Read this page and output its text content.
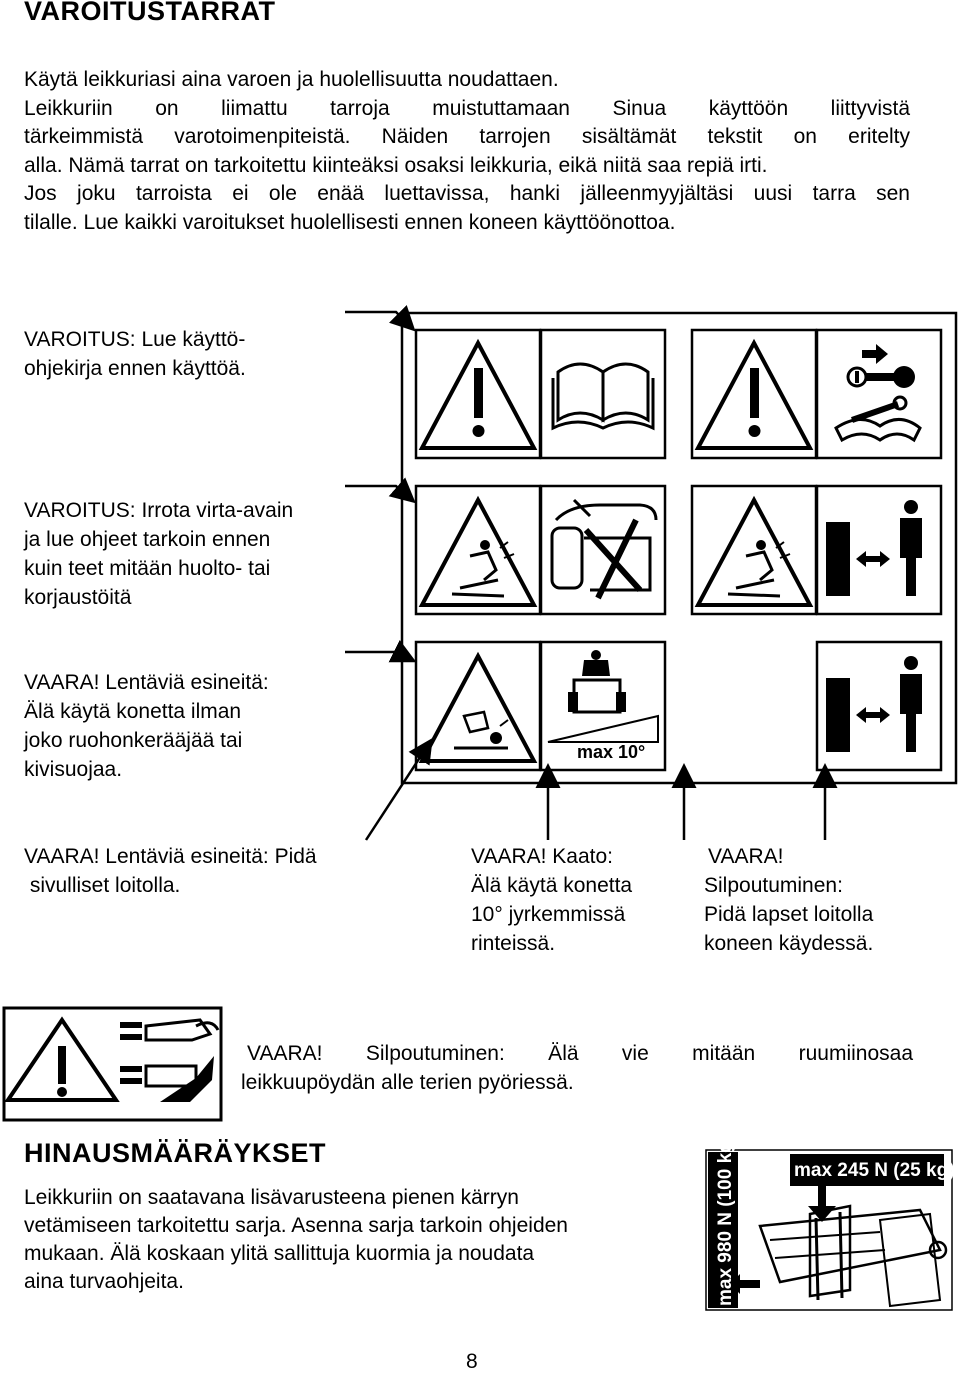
VAROITUSTARRAT
Käytä leikkuriasi aina varoen ja huolellisuutta noudattaen.
Leikkuriin on liimattu tarroja muistuttamaan Sinua käyttöön liittyvistä
tärkeimmistä varotoimenpiteistä. Näiden tarrojen sisältämät tekstit on eritelty
alla. Nämä tarrat on tarkoitettu kiinteäksi osaksi leikkuria, eikä niitä saa repiä irti.
Jos joku tarroista ei ole enää luettavissa, hanki jälleenmyyjältäsi uusi tarra sen
tilalle. Lue kaikki varoitukset huolellisesti ennen koneen käyttöönottoa.
VAROITUS: Lue käyttö-
ohjekirja ennen käyttöä.
VAROITUS: Irrota virta-avain
ja lue ohjeet tarkoin ennen
kuin teet mitään huolto- tai
korjaustöitä
VAARA! Lentäviä esineitä:
Älä käytä konetta ilman
joko ruohonkerääjää tai
kivisuojaa.
VAARA! Lentäviä esineitä: Pidä
sivulliset loitolla.
VAARA! Kaato:
Älä käytä konetta
10° jyrkemmissä
rinteissä.
VAARA!
Silpoutuminen:
Pidä lapset loitolla
koneen käydessä.
max 10°
max 245 N (25 kg)
max 980 N (100 kg)
VAARA! Silpoutuminen: Älä vie mitään ruumiinosaa
leikkuupöydän alle terien pyöriessä.
HINAUSMÄÄRÄYKSET
Leikkuriin on saatavana lisävarusteena pienen kärryn
vetämiseen tarkoitettu sarja. Asenna sarja tarkoin ohjeiden
mukaan. Älä koskaan ylitä sallittuja kuormia ja noudata
aina turvaohjeita.
8
